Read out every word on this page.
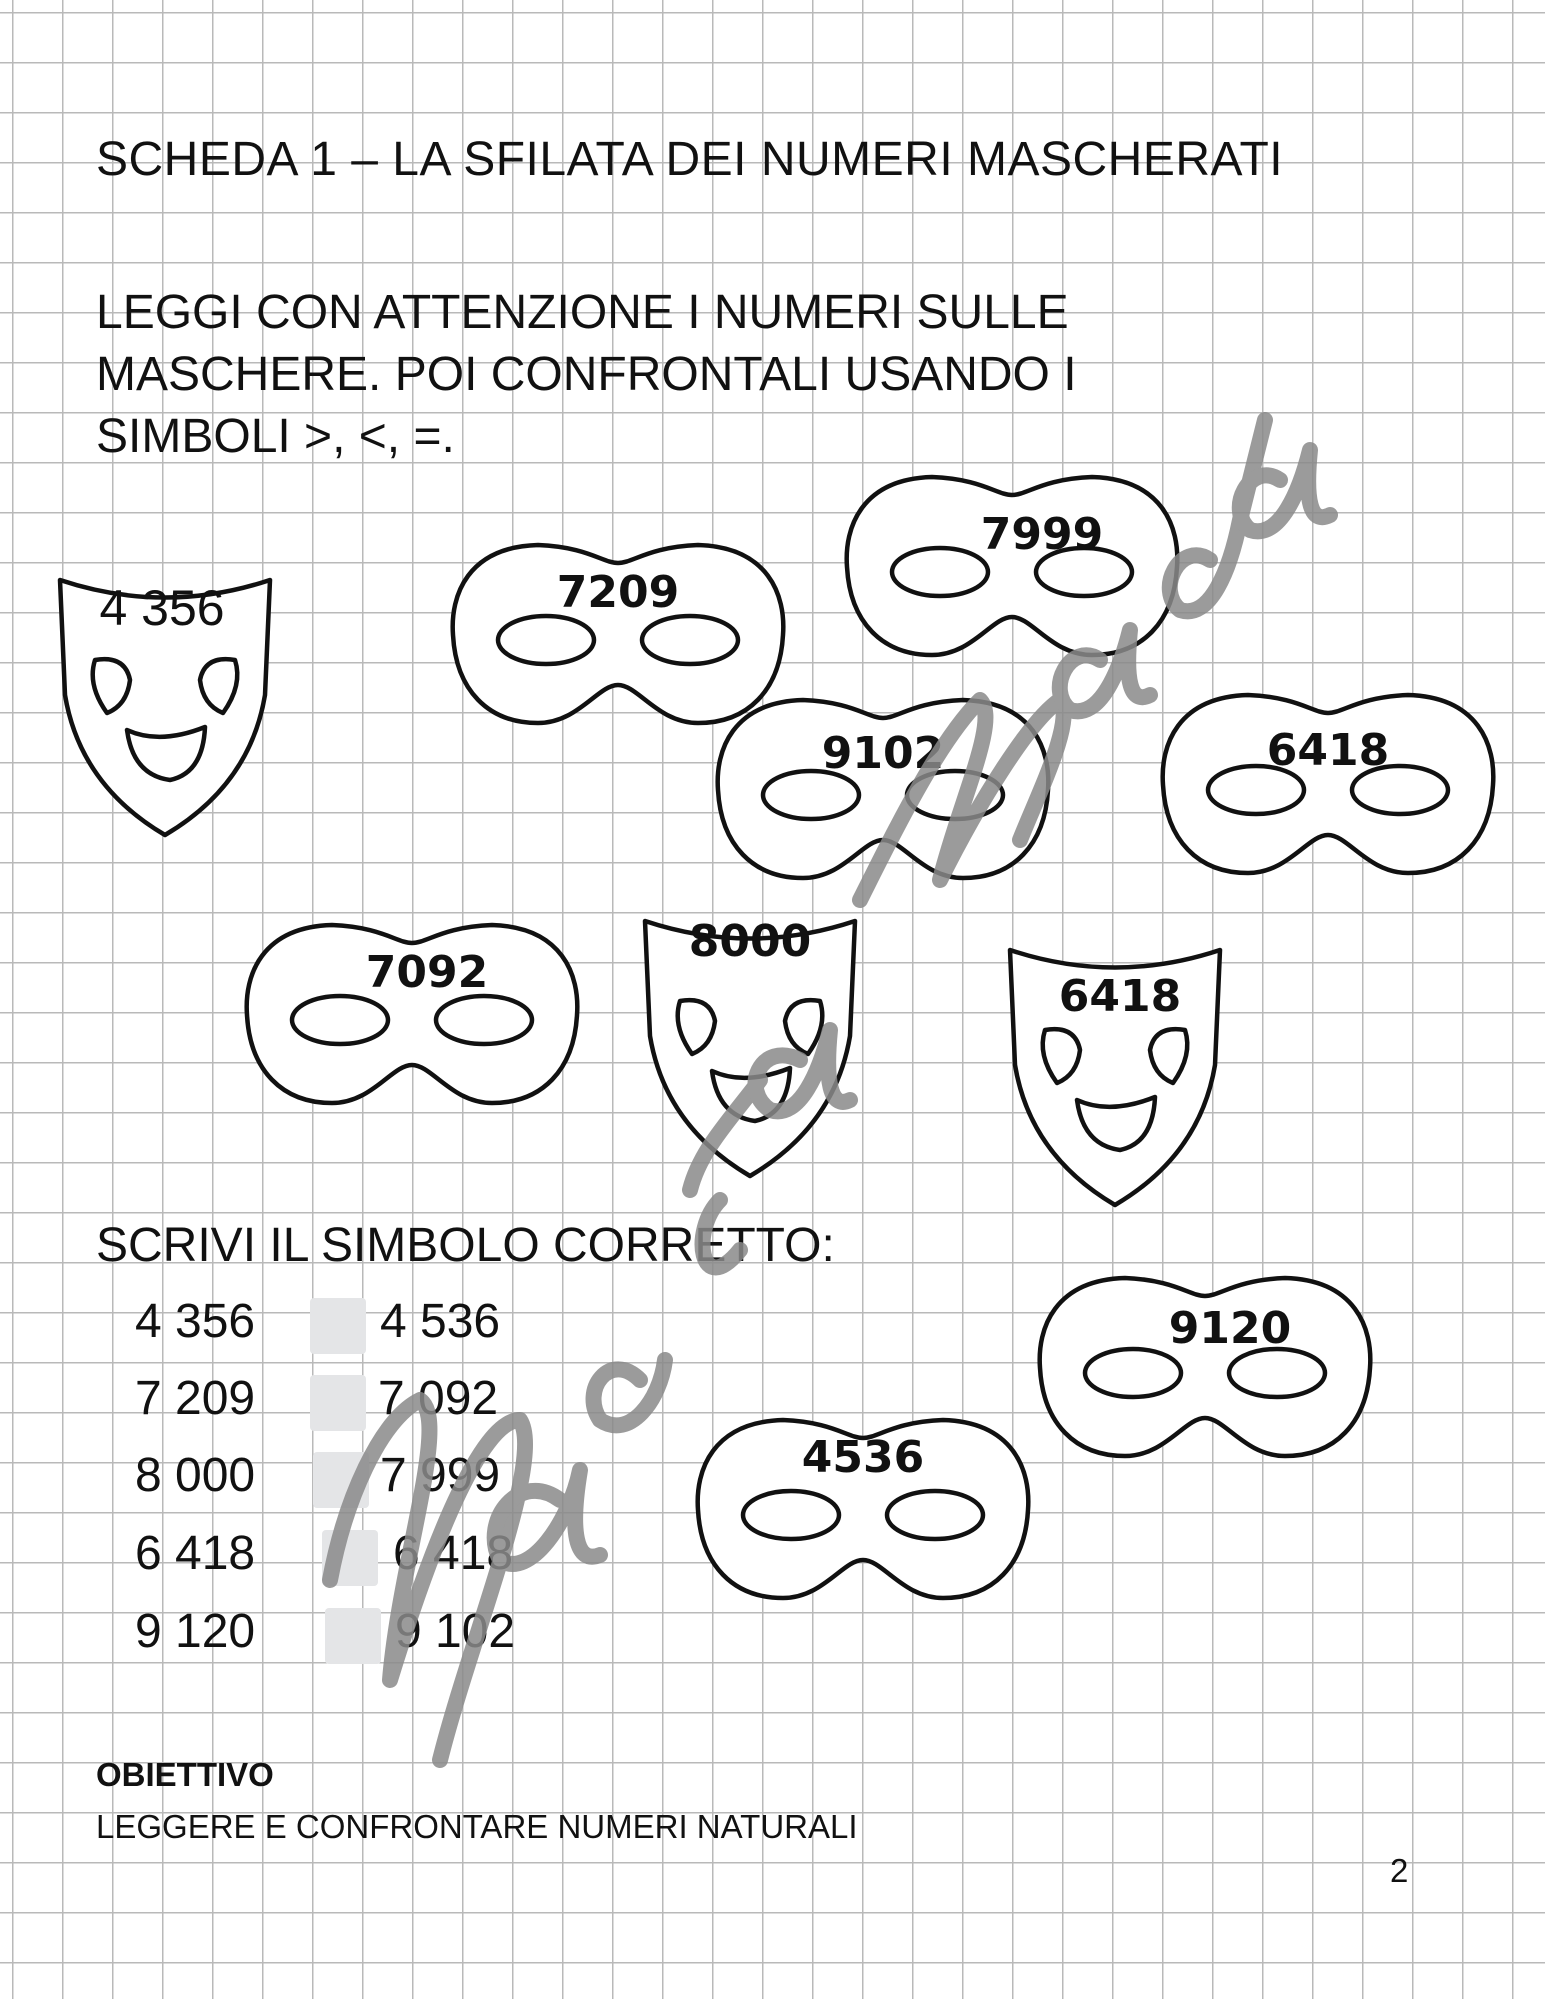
SCHEDA 1 – LA SFILATA DEI NUMERI MASCHERATI
LEGGI CON ATTENZIONE I NUMERI SULLE
MASCHERE. POI CONFRONTALI USANDO I
SIMBOLI >, <, =.
4 356	7209
7999
9102	6418
7092
8000
6418
9120
4536
SCRIVI IL SIMBOLO CORRETTO:
4 356	4 536
7 209	7 092
8 000	7 999
6 418	6 418
9 120	9 102
OBIETTIVO
LEGGERE E CONFRONTARE NUMERI NATURALI
2
